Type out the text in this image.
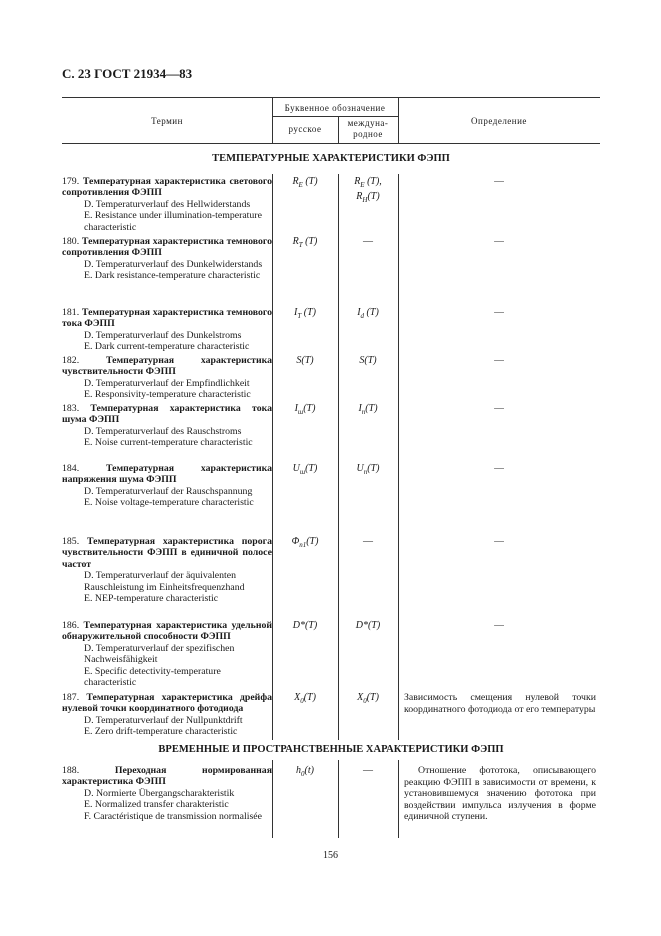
С. 23 ГОСТ 21934—83
Термин
Буквенное обозначение
русское
междуна-
родное
Определение
ТЕМПЕРАТУРНЫЕ ХАРАКТЕРИСТИКИ ФЭПП
179. Температурная характеристика светового сопротивления ФЭПП
D. Temperaturverlauf des Hellwiderstands
E. Resistance under illumination-temperature characteristic
$R_E$ (T)	$R_E$ (T),
$R_H(T)$
—
180. Температурная характеристика темнового сопротивления ФЭПП
D. Temperaturverlauf des Dunkelwiderstands
E. Dark resistance-temperature characteristic
$R_T$ (T)	—	—
181. Температурная характеристика темнового тока ФЭПП
D. Temperaturverlauf des Dunkelstroms
E. Dark current-temperature characteristic
$I_T$ (T)	$I_d$ (T)	—
182.	Температурная характеристика чувствительности ФЭПП
D. Temperaturverlauf der Empfindlichkeit
E. Responsivity-temperature characteristic
S(T)	S(T)	—
183. Температурная характеристика тока шума ФЭПП
D. Temperaturverlauf des Rauschstroms
E. Noise current-temperature characteristic
$I_ш(T)$	$I_n(T)$	—
184.	Температурная характеристика напряжения шума ФЭПП
D. Temperaturverlauf der Rauschspannung
E. Noise voltage-temperature characteristic
$U_ш(T)$	$U_n(T)$	—
185. Температурная характеристика порога чувствительности ФЭПП в единичной полосе частот
D. Temperaturverlauf der äquivalenten Rauschleistung im Einheitsfrequenzhand
E. NEP-temperature characteristic
$\Phi_{п1}(T)$	—	—
186. Температурная характеристика удельной обнаружительной способности ФЭПП
D. Temperaturverlauf der spezifischen Nachweisfähigkeit
E. Specific detectivity-temperature characteristic
D*(T)	D*(T)	—
187. Температурная характеристика дрейфа нулевой точки координатного фотодиода
D. Temperaturverlauf der Nullpunktdrift
E. Zero drift-temperature characteristic
$X_0(T)$	$X_0(T)$	Зависимость смещения нулевой точки координатного фотодиода от его температуры
ВРЕМЕННЫЕ И ПРОСТРАНСТВЕННЫЕ ХАРАКТЕРИСТИКИ ФЭПП
188.	Переходная нормированная характеристика ФЭПП
D. Normierte Übergangscharakteristik
E. Normalized transfer charakteristic
F. Caractéristique de transmission normalisée
$h_0(t)$	—	Отношение фототока, описывающего реакцию ФЭПП в зависимости от времени, к установившемуся значению фототока при воздействии импульса излучения в форме единичной ступени.
156
